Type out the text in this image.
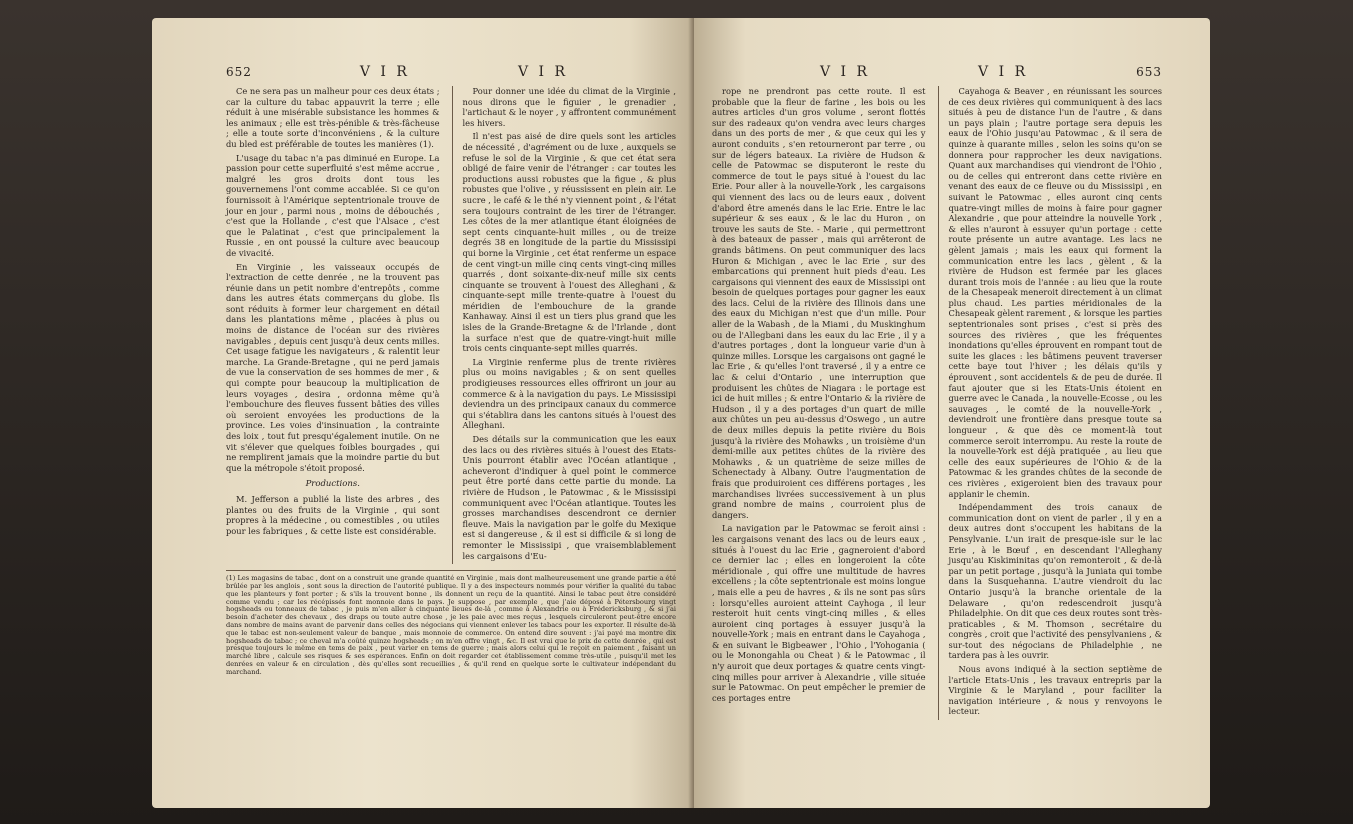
652	V I R	V I R

Ce ne sera pas un malheur pour ces deux états ; car la culture du tabac appauvrit la terre ; elle réduit à une misérable subsistance les hommes & les animaux ; elle est très-pénible & très-fâcheuse ; elle a toute sorte d'inconvéniens , & la culture du bled est préférable de toutes les manières (1).

L'usage du tabac n'a pas diminué en Europe. La passion pour cette superfluité s'est même accrue , malgré les gros droits dont tous les gouvernemens l'ont comme accablée. Si ce qu'on fournissoit à l'Amérique septentrionale trouve de jour en jour , parmi nous , moins de débouchés , c'est que la Hollande , c'est que l'Alsace , c'est que le Palatinat , c'est que principalement la Russie , en ont poussé la culture avec beaucoup de vivacité.

En Virginie , les vaisseaux occupés de l'extraction de cette denrée , ne la trouvent pas réunie dans un petit nombre d'entrepôts , comme dans les autres états commerçans du globe. Ils sont réduits à former leur chargement en détail dans les plantations même , placées à plus ou moins de distance de l'océan sur des rivières navigables , depuis cent jusqu'à deux cents milles. Cet usage fatigue les navigateurs , & ralentit leur marche. La Grande-Bretagne , qui ne perd jamais de vue la conservation de ses hommes de mer , & qui compte pour beaucoup la multiplication de leurs voyages , desira , ordonna même qu'à l'embouchure des fleuves fussent bâties des villes où seroient envoyées les productions de la province. Les voies d'insinuation , la contrainte des loix , tout fut presqu'également inutile. On ne vit s'élever que quelques foibles bourgades , qui ne remplirent jamais que la moindre partie du but que la métropole s'étoit proposé.

Productions.

M. Jefferson a publié la liste des arbres , des plantes ou des fruits de la Virginie , qui sont propres à la médecine , ou comestibles , ou utiles pour les fabriques , & cette liste est considérable.

Pour donner une idée du climat de la Virginie , nous dirons que le figuier , le grenadier , l'artichaut & le noyer , y affrontent communément les hivers.

Il n'est pas aisé de dire quels sont les articles de nécessité , d'agrément ou de luxe , auxquels se refuse le sol de la Virginie , & que cet état sera obligé de faire venir de l'étranger : car toutes les productions aussi robustes que la figue , & plus robustes que l'olive , y réussissent en plein air. Le sucre , le café & le thé n'y viennent point , & l'état sera toujours contraint de les tirer de l'étranger. Les côtes de la mer atlantique étant éloignées de sept cents cinquante-huit milles , ou de treize degrés 38 en longitude de la partie du Mississipi qui borne la Virginie , cet état renferme un espace de cent vingt-un mille cinq cents vingt-cinq milles quarrés , dont soixante-dix-neuf mille six cents cinquante se trouvent à l'ouest des Alleghani , & cinquante-sept mille trente-quatre à l'ouest du méridien de l'embouchure de la grande Kanhaway. Ainsi il est un tiers plus grand que les isles de la Grande-Bretagne & de l'Irlande , dont la surface n'est que de quatre-vingt-huit mille trois cents cinquante-sept milles quarrés.

La Virginie renferme plus de trente rivières plus ou moins navigables ; & on sent quelles prodigieuses ressources elles offriront un jour au commerce & à la navigation du pays. Le Mississipi deviendra un des principaux canaux du commerce qui s'établira dans les cantons situés à l'ouest des Alleghani.

Des détails sur la communication que les eaux des lacs ou des rivières situés à l'ouest des Etats-Unis pourront établir avec l'Océan atlantique , acheveront d'indiquer à quel point le commerce peut être porté dans cette partie du monde. La rivière de Hudson , le Patowmac , & le Mississipi communiquent avec l'Océan atlantique. Toutes les grosses marchandises descendront ce dernier fleuve. Mais la navigation par le golfe du Mexique est si dangereuse , & il est si difficile & si long de remonter le Mississipi , que vraisemblablement les cargaisons d'Eu-

(1) Les magasins de tabac , dont on a construit une grande quantité en Virginie , mais dont malheureusement une grande partie a été brûlée par les anglois , sont sous la direction de l'autorité publique. Il y a des inspecteurs nommés pour vérifier la qualité du tabac que les planteurs y font porter ; & s'ils la trouvent bonne , ils donnent un reçu de la quantité. Ainsi le tabac peut être considéré comme vendu ; car les récépissés font monnoie dans le pays. Je suppose , par exemple , que j'aie déposé à Pétersbourg vingt hogsheads ou tonneaux de tabac , je puis m'en aller à cinquante lieues de-là , comme à Alexandrie ou à Frédericksburg , & si j'ai besoin d'acheter des chevaux , des draps ou toute autre chose , je les paie avec mes reçus , lesquels circuleront peut-être encore dans nombre de mains avant de parvenir dans celles des négocians qui viennent enlever les tabacs pour les exporter. Il résulte de-là que le tabac est non-seulement valeur de banque , mais monnoie de commerce. On entend dire souvent : j'ai payé ma montre dix hogsheads de tabac ; ce cheval m'a coûté quinze hogsheads ; on m'en offre vingt , &c. Il est vrai que le prix de cette denrée , qui est presque toujours le même en tems de paix , peut varier en tems de guerre ; mais alors celui qui le reçoit en paiement , faisant un marché libre , calcule ses risques & ses espérances. Enfin on doit regarder cet établissement comme très-utile , puisqu'il met les denrées en valeur & en circulation , dès qu'elles sont recueillies , & qu'il rend en quelque sorte le cultivateur indépendant du marchand.
V I R	V I R	653

rope ne prendront pas cette route. Il est probable que la fleur de farine , les bois ou les autres articles d'un gros volume , seront flottés sur des radeaux qu'on vendra avec leurs charges dans un des ports de mer , & que ceux qui les y auront conduits , s'en retourneront par terre , ou sur de légers bateaux. La rivière de Hudson & celle de Patowmac se disputeront le reste du commerce de tout le pays situé à l'ouest du lac Erie. Pour aller à la nouvelle-York , les cargaisons qui viennent des lacs ou de leurs eaux , doivent d'abord être amenés dans le lac Erie. Entre le lac supérieur & ses eaux , & le lac du Huron , on trouve les sauts de Ste. - Marie , qui permettront à des bateaux de passer , mais qui arrêteront de grands bâtimens. On peut communiquer des lacs Huron & Michigan , avec le lac Erie , sur des embarcations qui prennent huit pieds d'eau. Les cargaisons qui viennent des eaux de Mississipi ont besoin de quelques portages pour gagner les eaux des lacs. Celui de la rivière des Illinois dans une des eaux du Michigan n'est que d'un mille. Pour aller de la Wabash , de la Miami , du Muskinghum ou de l'Allegbani dans les eaux du lac Erie , il y a d'autres portages , dont la longueur varie d'un à quinze milles. Lorsque les cargaisons ont gagné le lac Erie , & qu'elles l'ont traversé , il y a entre ce lac & celui d'Ontario , une interruption que produisent les chûtes de Niagara : le portage est ici de huit milles ; & entre l'Ontario & la rivière de Hudson , il y a des portages d'un quart de mille aux chûtes un peu au-dessus d'Oswego , un autre de deux milles depuis la petite rivière du Bois jusqu'à la rivière des Mohawks , un troisième d'un demi-mille aux petites chûtes de la rivière des Mohawks , & un quatrième de seize milles de Schenectady à Albany. Outre l'augmentation de frais que produiroient ces différens portages , les marchandises livrées successivement à un plus grand nombre de mains , courroient plus de dangers.

La navigation par le Patowmac se feroit ainsi : les cargaisons venant des lacs ou de leurs eaux , situés à l'ouest du lac Erie , gagneroient d'abord ce dernier lac ; elles en longeroient la côte méridionale , qui offre une multitude de havres excellens ; la côte septentrionale est moins longue , mais elle a peu de havres , & ils ne sont pas sûrs : lorsqu'elles auroient atteint Cayhoga , il leur resteroit huit cents vingt-cinq milles , & elles auroient cinq portages à essuyer jusqu'à la nouvelle-York ; mais en entrant dans le Cayahoga , & en suivant le Bigbeawer , l'Ohio , l'Yohogania ( ou le Monongahla ou Cheat ) & le Patowmac , il n'y auroit que deux portages & quatre cents vingt-cinq milles pour arriver à Alexandrie , ville située sur le Patowmac. On peut empêcher le premier de ces portages entre

Cayahoga & Beaver , en réunissant les sources de ces deux rivières qui communiquent à des lacs situés à peu de distance l'un de l'autre , & dans un pays plain ; l'autre portage sera depuis les eaux de l'Ohio jusqu'au Patowmac , & il sera de quinze à quarante milles , selon les soins qu'on se donnera pour rapprocher les deux navigations. Quant aux marchandises qui viendront de l'Ohio , ou de celles qui entreront dans cette rivière en venant des eaux de ce fleuve ou du Mississipi , en suivant le Patowmac , elles auront cinq cents quatre-vingt milles de moins à faire pour gagner Alexandrie , que pour atteindre la nouvelle York , & elles n'auront à essuyer qu'un portage : cette route présente un autre avantage. Les lacs ne gèlent jamais ; mais les eaux qui forment la communication entre les lacs , gèlent , & la rivière de Hudson est fermée par les glaces durant trois mois de l'année : au lieu que la route de la Chesapeak meneroit directement à un climat plus chaud. Les parties méridionales de la Chesapeak gèlent rarement , & lorsque les parties septentrionales sont prises , c'est si près des sources des rivières , que les fréquentes inondations qu'elles éprouvent en rompant tout de suite les glaces : les bâtimens peuvent traverser cette baye tout l'hiver ; les délais qu'ils y éprouvent , sont accidentels & de peu de durée. Il faut ajouter que si les Etats-Unis étoient en guerre avec le Canada , la nouvelle-Ecosse , ou les sauvages , le comté de la nouvelle-York , deviendroit une frontière dans presque toute sa longueur , & que dès ce moment-là tout commerce seroit interrompu. Au reste la route de la nouvelle-York est déjà pratiquée , au lieu que celle des eaux supérieures de l'Ohio & de la Patowmac & les grandes chûtes de la seconde de ces rivières , exigeroient bien des travaux pour applanir le chemin.

Indépendamment des trois canaux de communication dont on vient de parler , il y en a deux autres dont s'occupent les habitans de la Pensylvanie. L'un irait de presque-isle sur le lac Erie , à le Bœuf , en descendant l'Alleghany jusqu'au Kiskiminitas qu'on remonteroit , & de-là par un petit portage , jusqu'à la Juniata qui tombe dans la Susquehanna. L'autre viendroit du lac Ontario jusqu'à la branche orientale de la Delaware , qu'on redescendroit jusqu'à Philadelphie. On dit que ces deux routes sont très-praticables , & M. Thomson , secrétaire du congrès , croit que l'activité des pensylvaniens , & sur-tout des négocians de Philadelphie , ne tardera pas à les ouvrir.

Nous avons indiqué à la section septième de l'article Etats-Unis , les travaux entrepris par la Virginie & le Maryland , pour faciliter la navigation intérieure , & nous y renvoyons le lecteur.
